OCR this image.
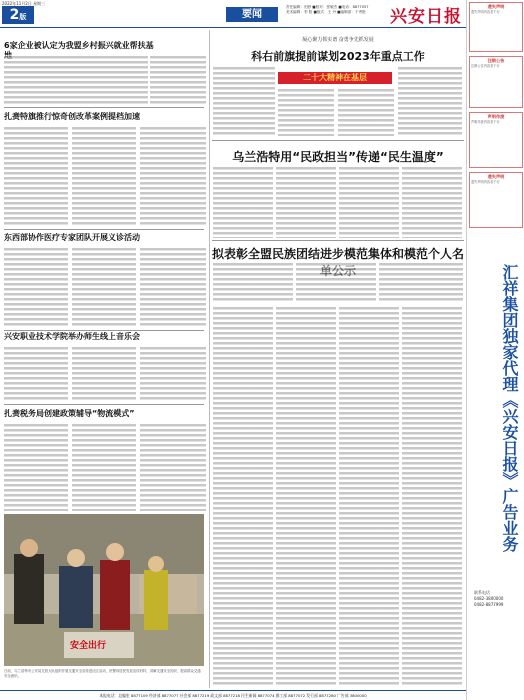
2022年11月2日 星期三
2版	要闻
责任编辑：田野 ■校对：张敏杰 ■电话：8877057
美术编辑：李 阳 ■版式：王 丹 ■编辑部：于秀艳 兴安日报
6家企业被认定为我盟乡村振兴就业帮扶基
扎赉特旗推行惊奇创改革案例提档加速
东西部协作医疗专家团队开展义诊活动
兴安职业技术学院举办师生线上音乐会
扎赉税务局创建政策辅导“物流模式”
安全出行
日前，乌兰浩特市公安局交管大队组织开展交通安全宣传进社区活动，民警向居民发放宣传材料，讲解交通安全知识，提高群众交通安全意识。
凝心聚力抓实谱 奋勇争先抓发展
科右前旗提前谋划2023年重点工作
二十大精神在基层
乌兰浩特用“民政担当”传递“民生温度”
拟表彰全盟民族团结进步模范集体和模范个人名
遗失声明
遗失声明内容若干行
注销公告
注销公告内容若干行
声明作废
声明作废内容若干行
遗失声明
遗失声明内容若干行
汇祥集团独家代理《兴安日报》广告业务
联系电话
0482-3800000
0482-8877999
本报电话：总编室 8877109 经济部 8877077 社会部 8877219 政文部 8877218 民生新闻 8877074 群工部 8877072 发行部 8877280 广告部 3800000
